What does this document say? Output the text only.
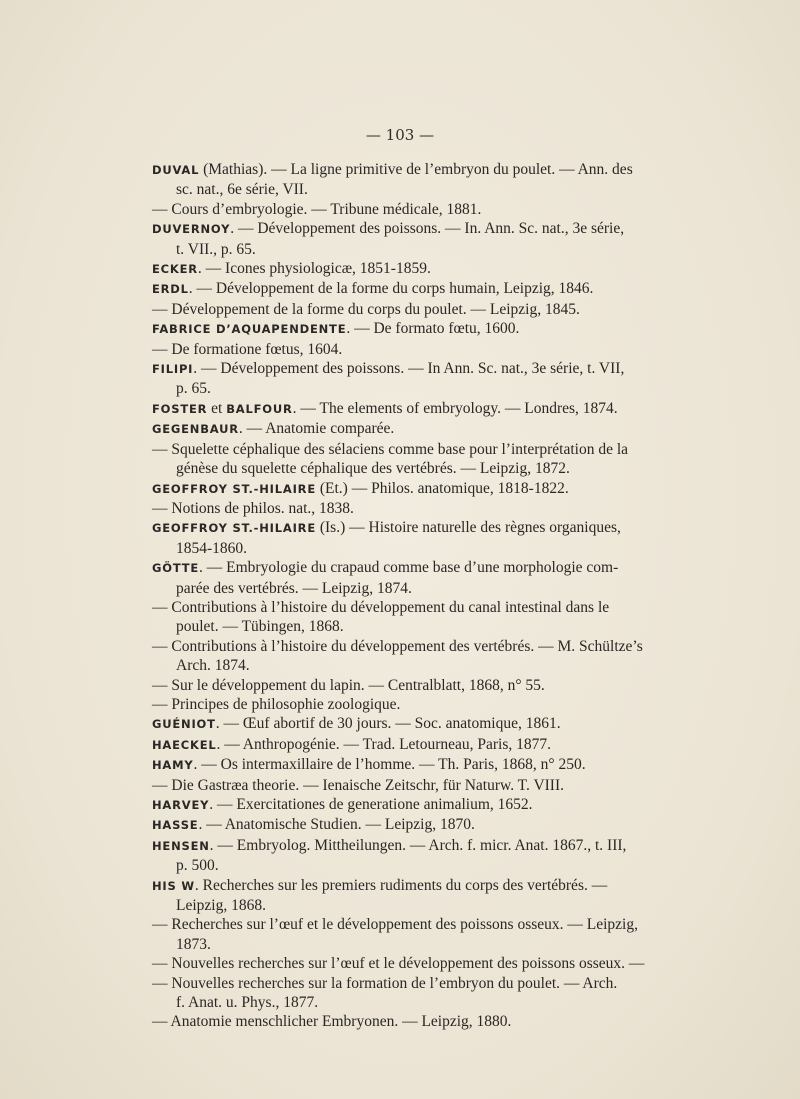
— 103 —
DUVAL (Mathias). — La ligne primitive de l’embryon du poulet. — Ann. des
sc. nat., 6e série, VII.
— Cours d’embryologie. — Tribune médicale, 1881.
DUVERNOY. — Développement des poissons. — In. Ann. Sc. nat., 3e série,
t. VII., p. 65.
ECKER. — Icones physiologicæ, 1851-1859.
ERDL. — Développement de la forme du corps humain, Leipzig, 1846.
— Développement de la forme du corps du poulet. — Leipzig, 1845.
FABRICE D’AQUAPENDENTE. — De formato fœtu, 1600.
— De formatione fœtus, 1604.
FILIPI. — Développement des poissons. — In Ann. Sc. nat., 3e série, t. VII,
p. 65.
FOSTER et BALFOUR. — The elements of embryology. — Londres, 1874.
GEGENBAUR. — Anatomie comparée.
— Squelette céphalique des sélaciens comme base pour l’interprétation de la
génèse du squelette céphalique des vertébrés. — Leipzig, 1872.
GEOFFROY ST.-HILAIRE (Et.) — Philos. anatomique, 1818-1822.
— Notions de philos. nat., 1838.
GEOFFROY ST.-HILAIRE (Is.) — Histoire naturelle des règnes organiques,
1854-1860.
GÖTTE. — Embryologie du crapaud comme base d’une morphologie com-
parée des vertébrés. — Leipzig, 1874.
— Contributions à l’histoire du développement du canal intestinal dans le
poulet. — Tübingen, 1868.
— Contributions à l’histoire du développement des vertébrés. — M. Schültze’s
Arch. 1874.
— Sur le développement du lapin. — Centralblatt, 1868, n° 55.
— Principes de philosophie zoologique.
GUÉNIOT. — Œuf abortif de 30 jours. — Soc. anatomique, 1861.
HAECKEL. — Anthropogénie. — Trad. Letourneau, Paris, 1877.
HAMY. — Os intermaxillaire de l’homme. — Th. Paris, 1868, n° 250.
— Die Gastræa theorie. — Ienaische Zeitschr, für Naturw. T. VIII.
HARVEY. — Exercitationes de generatione animalium, 1652.
HASSE. — Anatomische Studien. — Leipzig, 1870.
HENSEN. — Embryolog. Mittheilungen. — Arch. f. micr. Anat. 1867., t. III,
p. 500.
HIS W. Recherches sur les premiers rudiments du corps des vertébrés. —
Leipzig, 1868.
— Recherches sur l’œuf et le développement des poissons osseux. — Leipzig,
1873.
— Nouvelles recherches sur l’œuf et le développement des poissons osseux. —
— Nouvelles recherches sur la formation de l’embryon du poulet. — Arch.
f. Anat. u. Phys., 1877.
— Anatomie menschlicher Embryonen. — Leipzig, 1880.
